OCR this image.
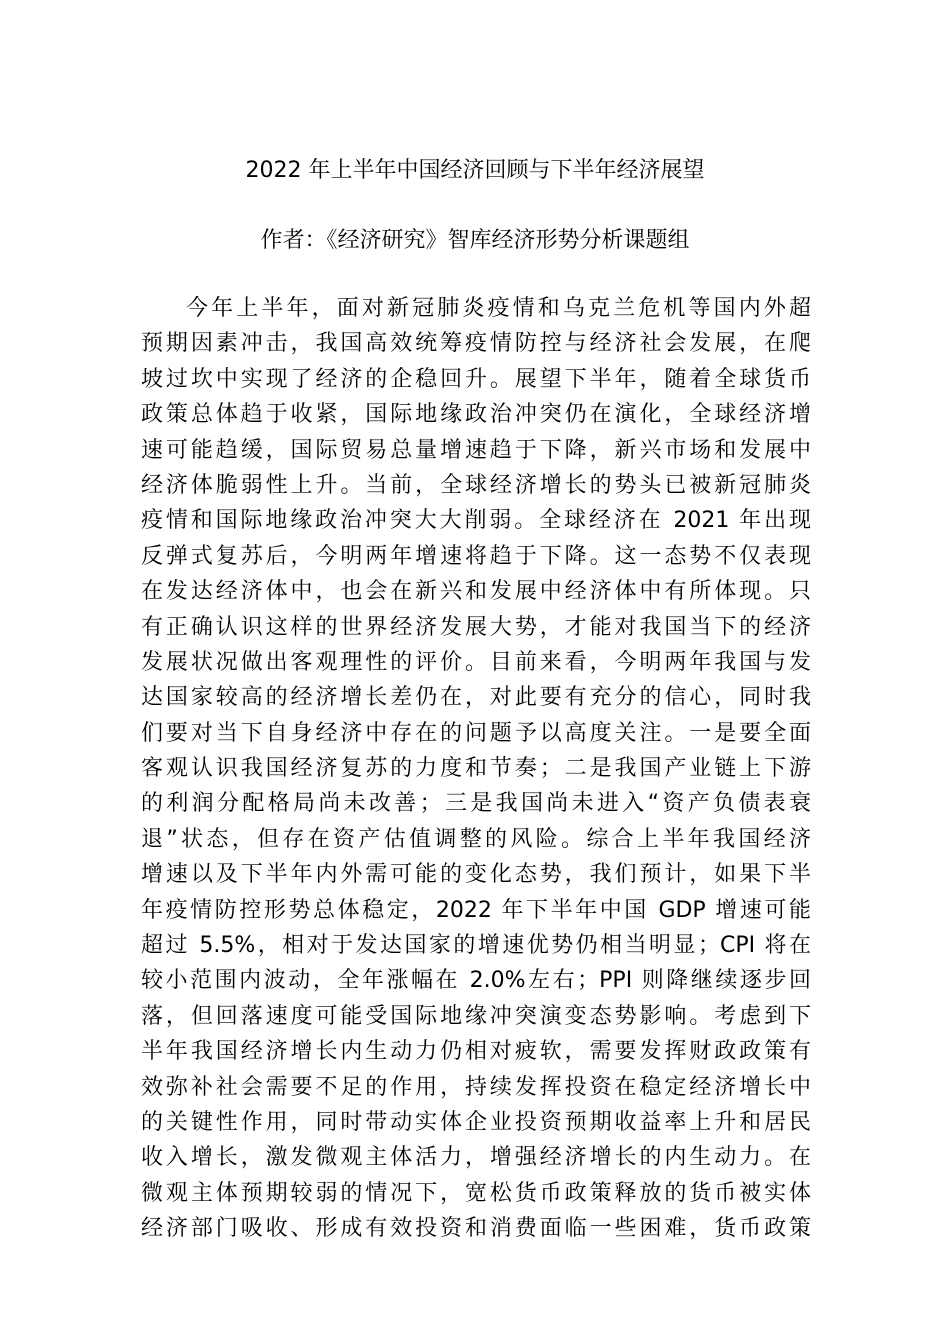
2022 年上半年中国经济回顾与下半年经济展望
作者：《经济研究》智库经济形势分析课题组
今年上半年，面对新冠肺炎疫情和乌克兰危机等国内外超
预期因素冲击，我国高效统筹疫情防控与经济社会发展，在爬
坡过坎中实现了经济的企稳回升。展望下半年，随着全球货币
政策总体趋于收紧，国际地缘政治冲突仍在演化，全球经济增
速可能趋缓，国际贸易总量增速趋于下降，新兴市场和发展中
经济体脆弱性上升。当前，全球经济增长的势头已被新冠肺炎
疫情和国际地缘政治冲突大大削弱。全球经济在 2021 年出现
反弹式复苏后，今明两年增速将趋于下降。这一态势不仅表现
在发达经济体中，也会在新兴和发展中经济体中有所体现。只
有正确认识这样的世界经济发展大势，才能对我国当下的经济
发展状况做出客观理性的评价。目前来看，今明两年我国与发
达国家较高的经济增长差仍在，对此要有充分的信心，同时我
们要对当下自身经济中存在的问题予以高度关注。一是要全面
客观认识我国经济复苏的力度和节奏；二是我国产业链上下游
的利润分配格局尚未改善；三是我国尚未进入“资产负债表衰
退”状态，但存在资产估值调整的风险。综合上半年我国经济
增速以及下半年内外需可能的变化态势，我们预计，如果下半
年疫情防控形势总体稳定，2022 年下半年中国 GDP 增速可能
超过 5.5%，相对于发达国家的增速优势仍相当明显；CPI 将在
较小范围内波动，全年涨幅在 2.0%左右；PPI 则降继续逐步回
落，但回落速度可能受国际地缘冲突演变态势影响。考虑到下
半年我国经济增长内生动力仍相对疲软，需要发挥财政政策有
效弥补社会需要不足的作用，持续发挥投资在稳定经济增长中
的关键性作用，同时带动实体企业投资预期收益率上升和居民
收入增长，激发微观主体活力，增强经济增长的内生动力。在
微观主体预期较弱的情况下，宽松货币政策释放的货币被实体
经济部门吸收、形成有效投资和消费面临一些困难，货币政策
